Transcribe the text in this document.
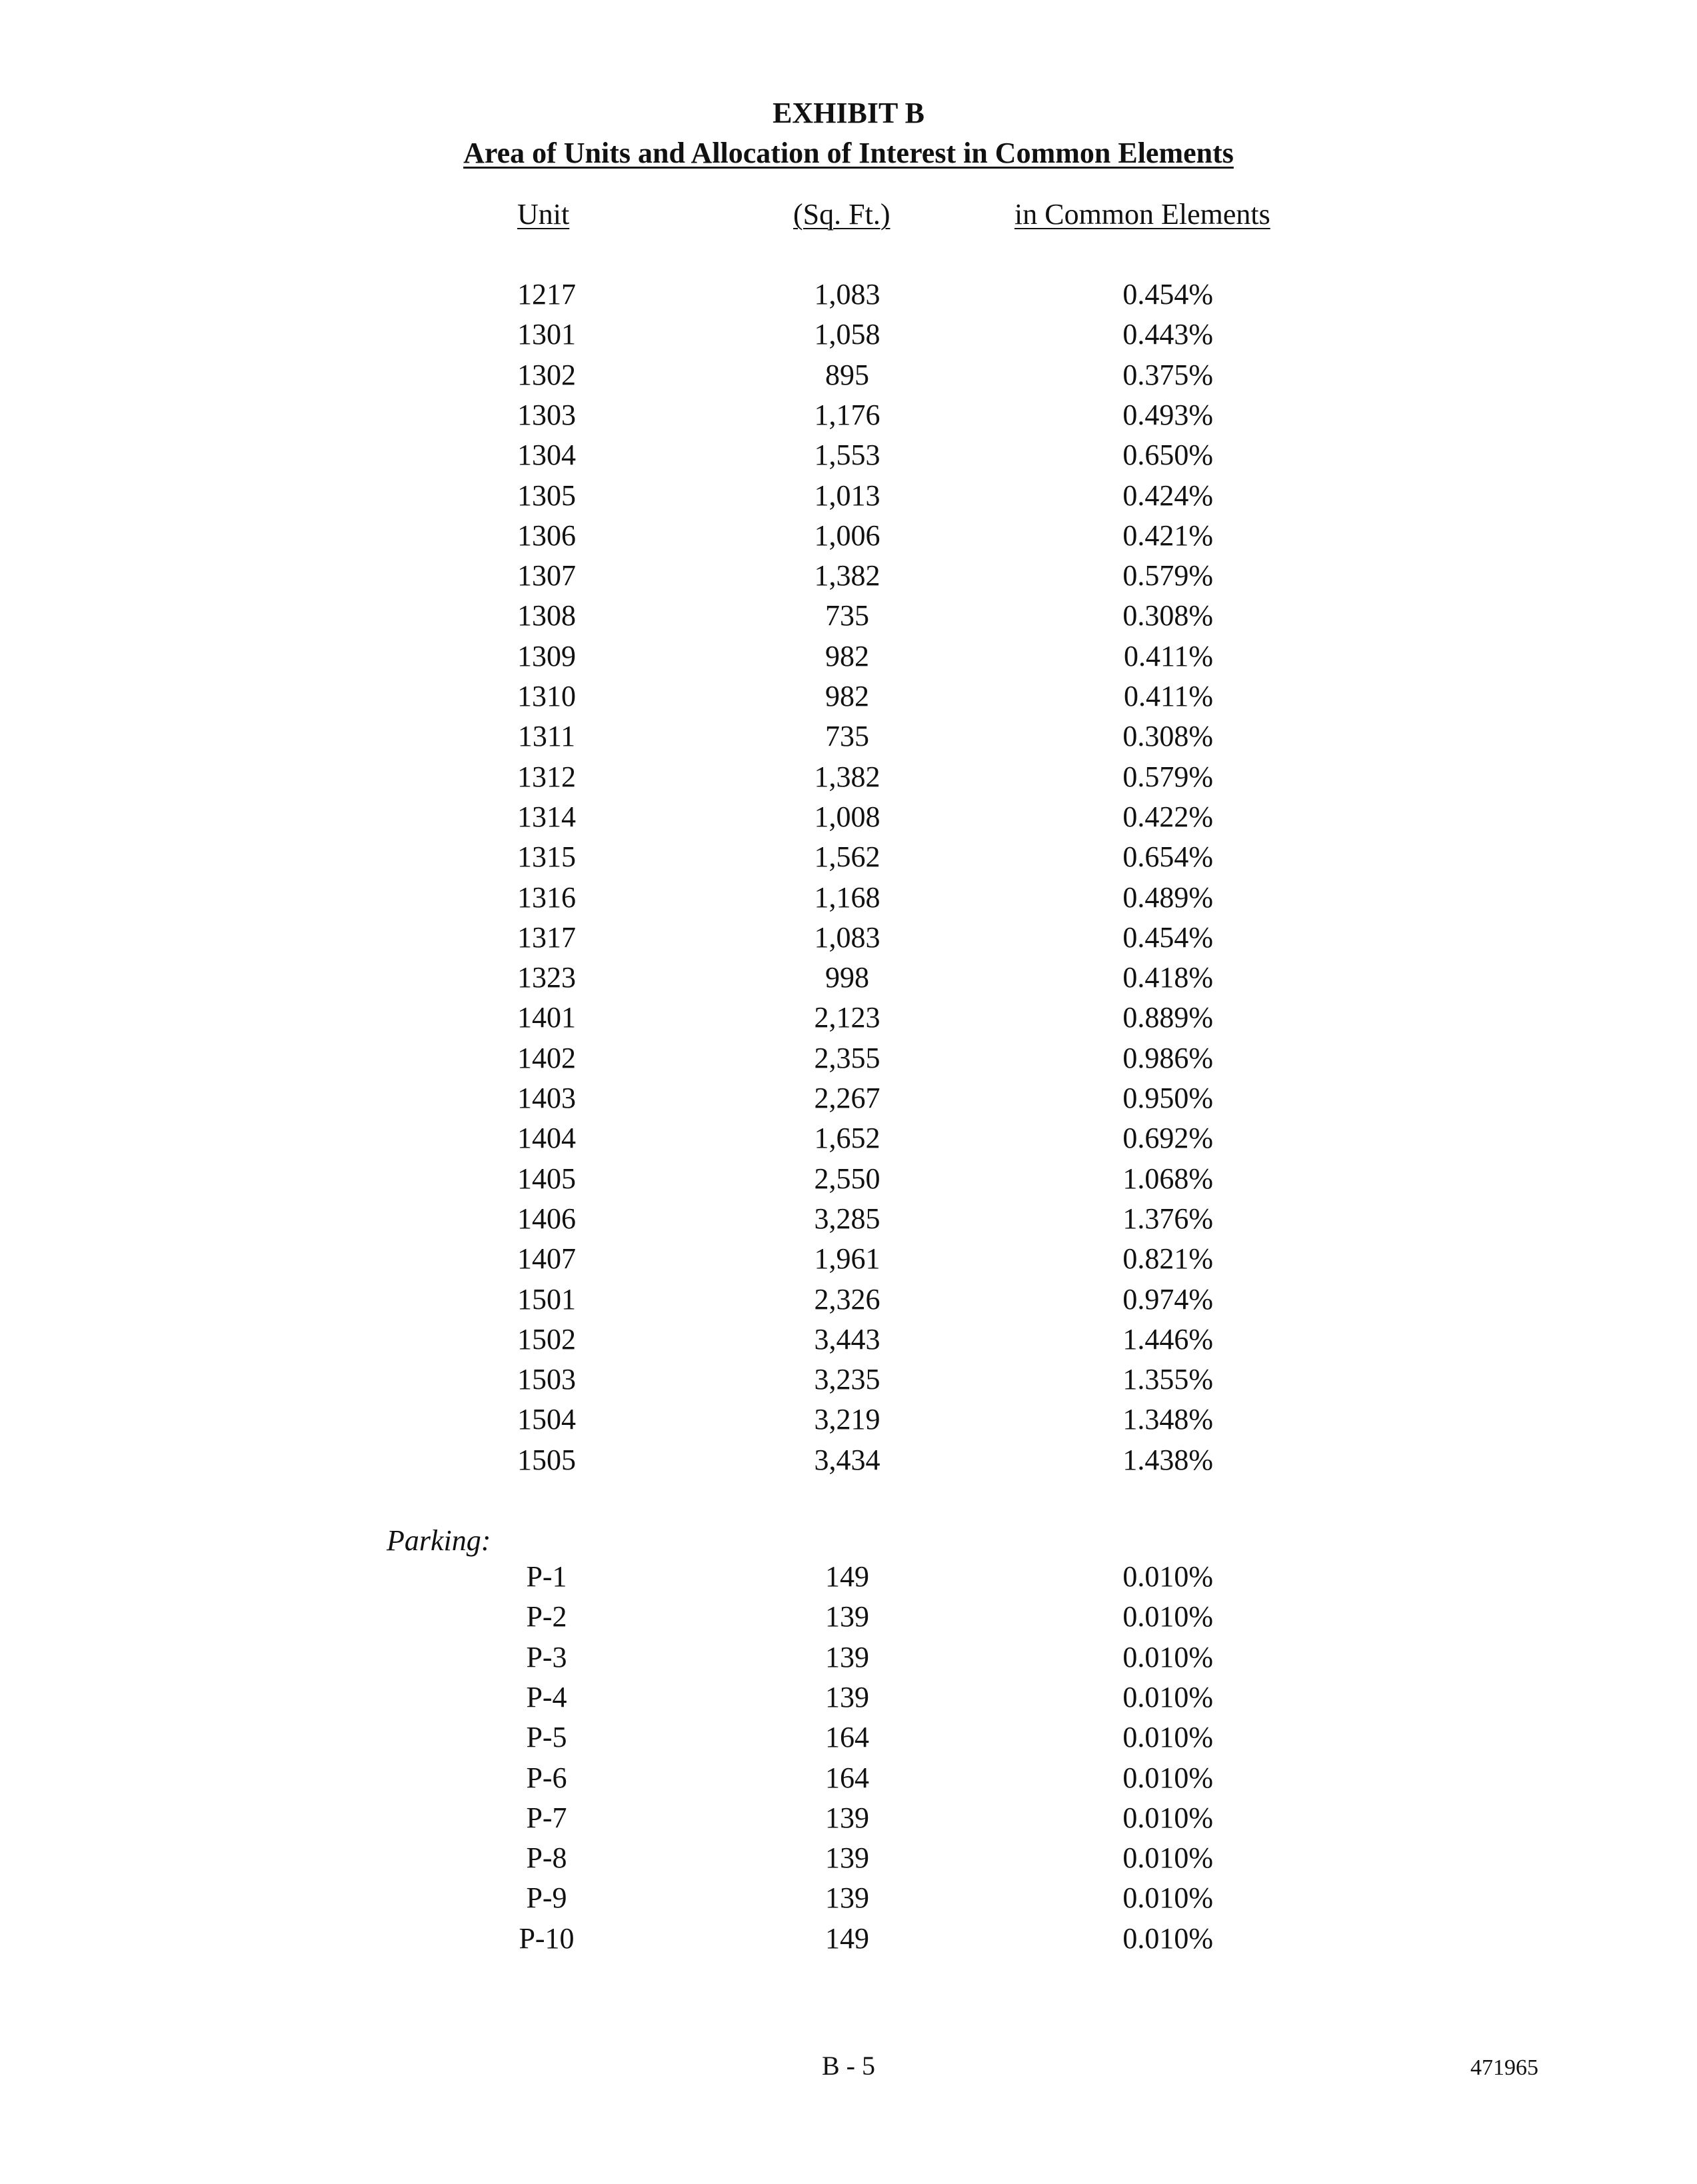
EXHIBIT B
Area of Units and Allocation of Interest in Common Elements
Unit	(Sq. Ft.)	in Common Elements
1217	1,083	0.454%
1301	1,058	0.443%
1302	895	0.375%
1303	1,176	0.493%
1304	1,553	0.650%
1305	1,013	0.424%
1306	1,006	0.421%
1307	1,382	0.579%
1308	735	0.308%
1309	982	0.411%
1310	982	0.411%
1311	735	0.308%
1312	1,382	0.579%
1314	1,008	0.422%
1315	1,562	0.654%
1316	1,168	0.489%
1317	1,083	0.454%
1323	998	0.418%
1401	2,123	0.889%
1402	2,355	0.986%
1403	2,267	0.950%
1404	1,652	0.692%
1405	2,550	1.068%
1406	3,285	1.376%
1407	1,961	0.821%
1501	2,326	0.974%
1502	3,443	1.446%
1503	3,235	1.355%
1504	3,219	1.348%
1505	3,434	1.438%
Parking:
P-1	149	0.010%
P-2	139	0.010%
P-3	139	0.010%
P-4	139	0.010%
P-5	164	0.010%
P-6	164	0.010%
P-7	139	0.010%
P-8	139	0.010%
P-9	139	0.010%
P-10	149	0.010%
B - 5	471965
